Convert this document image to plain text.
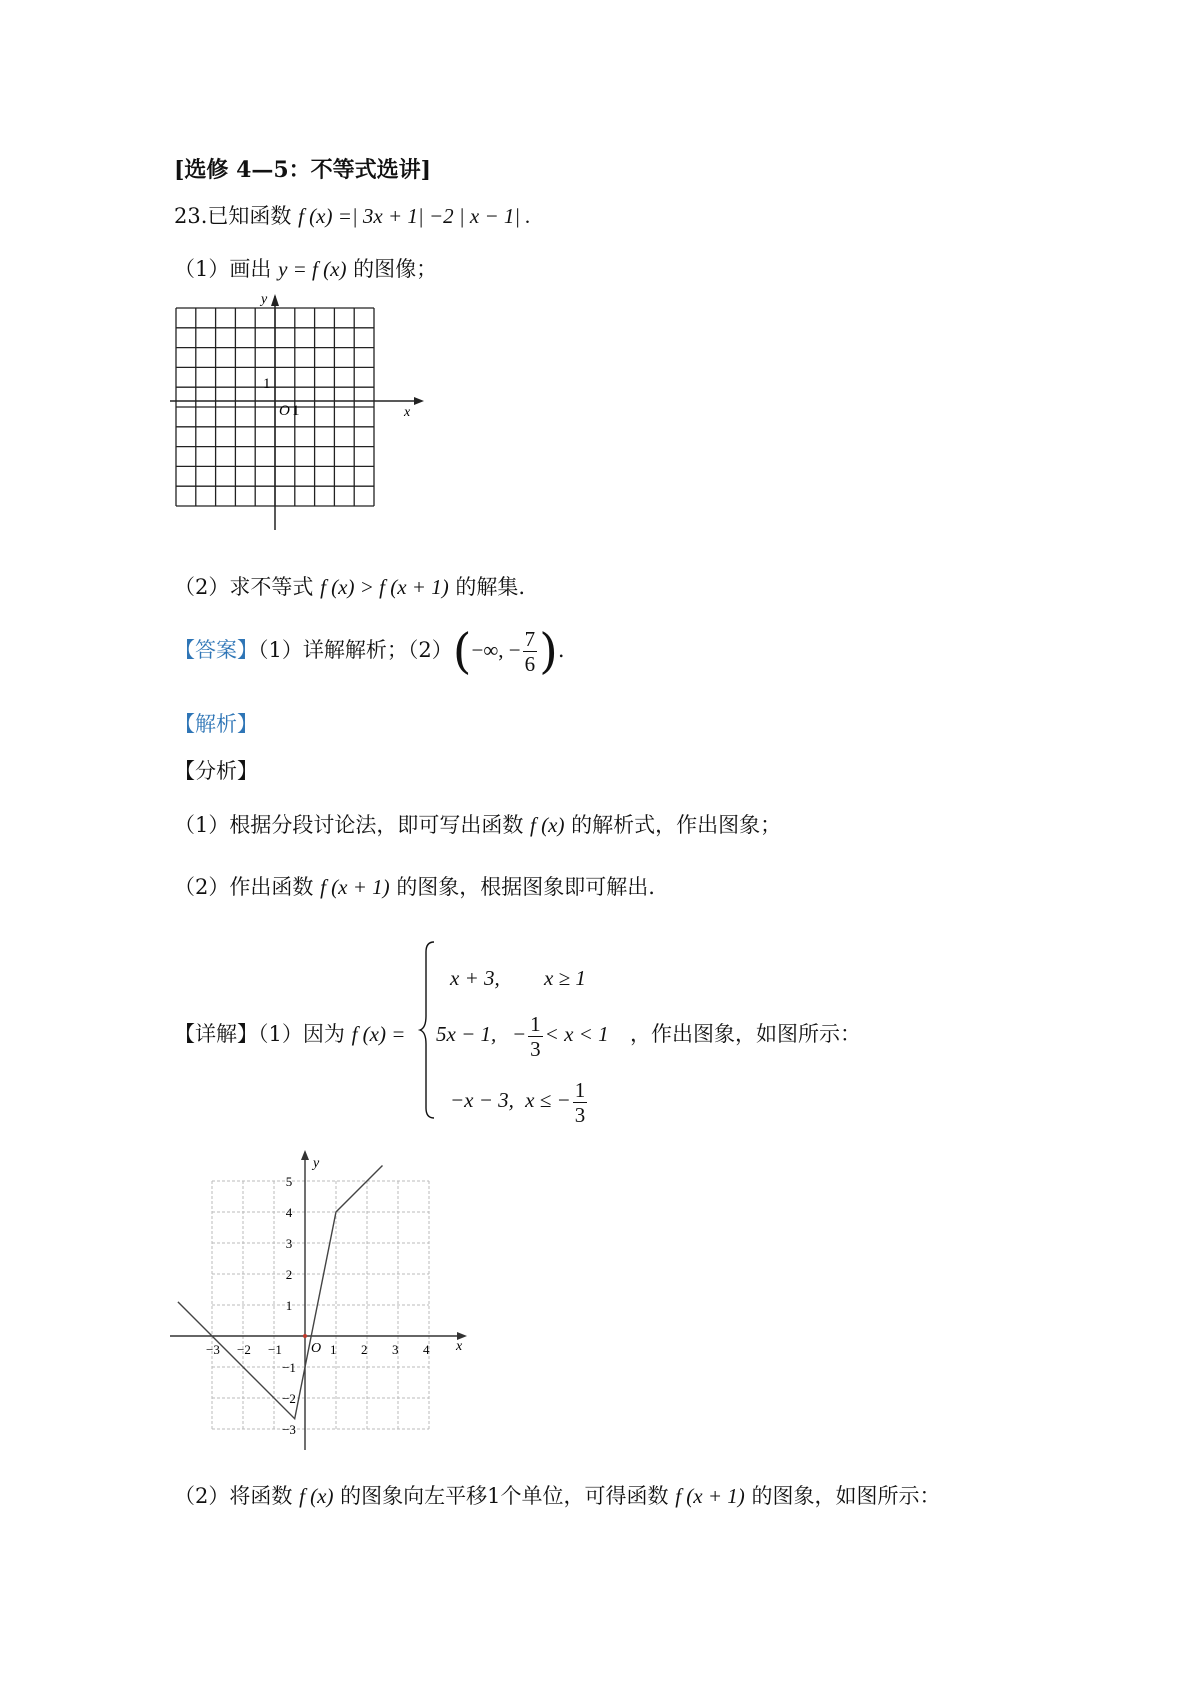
[选修 4—5：不等式选讲]
23.已知函数 f (x) =| 3x + 1| −2 | x − 1| .
（1）画出 y = f (x) 的图像；
x
y
O 1
1
（2）求不等式 f (x) > f (x + 1) 的解集.
【答案】（1）详解解析；（2）(−∞, − $\frac{7}{6}$ ).
【解析】
【分析】
（1）根据分段讨论法，即可写出函数 f (x) 的解析式，作出图象；
（2）作出函数 f (x + 1) 的图象，根据图象即可解出.
【详解】（1）因为 f (x) =
x + 3, x ≥ 1
5x − 1, − $\frac{1}{3} < x < 1$ ，作出图象，如图所示：
−x − 3, x ≤ − $\frac{1}{3}$
−3 −2 −1	1 2 3 4
5
4
3
2
1
−1
−2
−3
x
y
O
（2）将函数 f (x) 的图象向左平移1个单位，可得函数 f (x + 1) 的图象，如图所示：
